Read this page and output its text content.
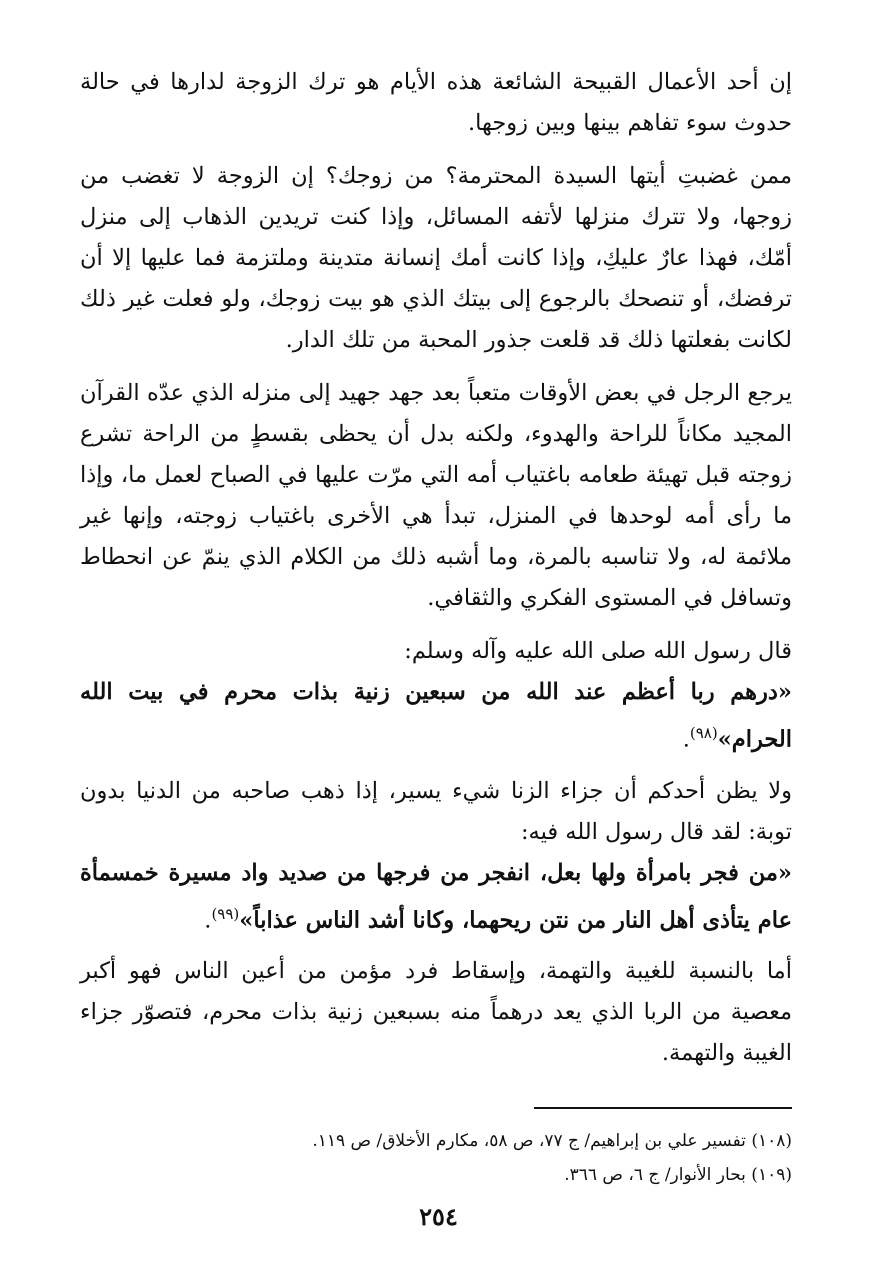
إن أحد الأعمال القبيحة الشائعة هذه الأيام هو ترك الزوجة لدارها في حالة حدوث سوء تفاهم بينها وبين زوجها.

ممن غضبتِ أيتها السيدة المحترمة؟ من زوجك؟ إن الزوجة لا تغضب من زوجها، ولا تترك منزلها لأتفه المسائل، وإذا كنت تريدين الذهاب إلى منزل أمّك، فهذا عارٌ عليكِ، وإذا كانت أمك إنسانة متدينة وملتزمة فما عليها إلا أن ترفضك، أو تنصحك بالرجوع إلى بيتك الذي هو بيت زوجك، ولو فعلت غير ذلك لكانت بفعلتها ذلك قد قلعت جذور المحبة من تلك الدار.

يرجع الرجل في بعض الأوقات متعباً بعد جهد جهيد إلى منزله الذي عدّه القرآن المجيد مكاناً للراحة والهدوء، ولكنه بدل أن يحظى بقسطٍ من الراحة تشرع زوجته قبل تهيئة طعامه باغتياب أمه التي مرّت عليها في الصباح لعمل ما، وإذا ما رأى أمه لوحدها في المنزل، تبدأ هي الأخرى باغتياب زوجته، وإنها غير ملائمة له، ولا تناسبه بالمرة، وما أشبه ذلك من الكلام الذي ينمّ عن انحطاط وتسافل في المستوى الفكري والثقافي.

قال رسول الله صلى الله عليه وآله وسلم:

«درهم ربا أعظم عند الله من سبعين زنية بذات محرم في بيت الله الحرام»$^{(٩٨)}$.

ولا يظن أحدكم أن جزاء الزنا شيء يسير، إذا ذهب صاحبه من الدنيا بدون توبة: لقد قال رسول الله فيه:

«من فجر بامرأة ولها بعل، انفجر من فرجها من صديد واد مسيرة خمسمأة عام يتأذى أهل النار من نتن ريحهما، وكانا أشد الناس عذاباً»$^{(٩٩)}$.

أما بالنسبة للغيبة والتهمة، وإسقاط فرد مؤمن من أعين الناس فهو أكبر معصية من الربا الذي يعد درهماً منه بسبعين زنية بذات محرم، فتصوّر جزاء الغيبة والتهمة.

(١٠٨) تفسير علي بن إبراهيم/ ج ٧٧، ص ٥٨، مكارم الأخلاق/ ص ١١٩.

(١٠٩) بحار الأنوار/ ج ٦، ص ٣٦٦.

٢٥٤
